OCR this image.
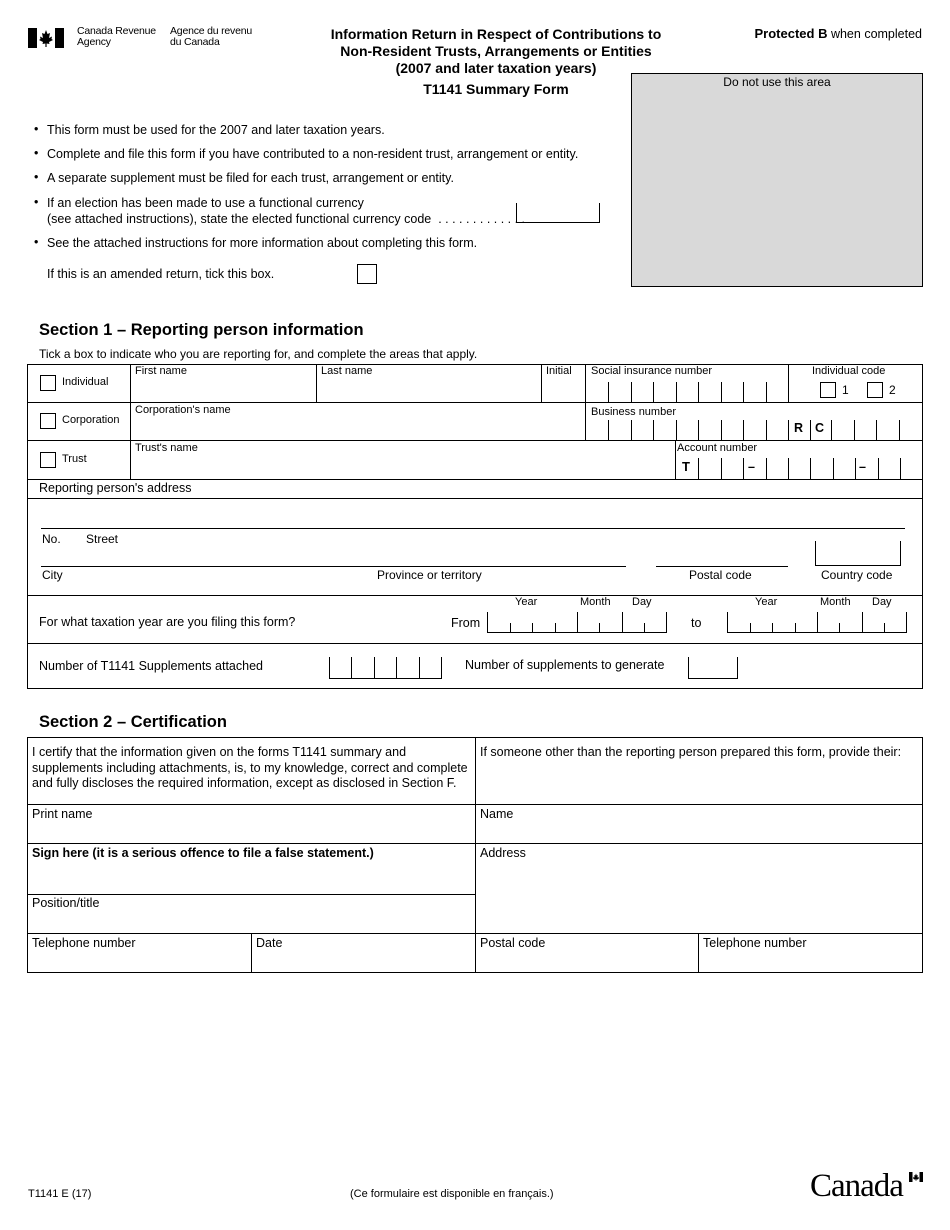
Canada Revenue
Agency
Agence du revenu
du Canada	Information Return in Respect of Contributions to
Non-Resident Trusts, Arrangements or Entities
(2007 and later taxation years)
T1141 Summary Form
Protected B when completed
Do not use this area
• This form must be used for the 2007 and later taxation years.
• Complete and file this form if you have contributed to a non-resident trust, arrangement or entity.
• A separate supplement must be filed for each trust, arrangement or entity.
• If an election has been made to use a functional currency
(see attached instructions), state the elected functional currency code . . . . . . . . . . . . .
• See the attached instructions for more information about completing this form.
If this is an amended return, tick this box.
Section 1 – Reporting person information
Tick a box to indicate who you are reporting for, and complete the areas that apply.
Individual
First name	Last name	Initial Social insurance number	Individual code
1	2
Corporation
Corporation's name	Business number
R C
Trust
Trust's name	Account number
T	–	–
Reporting person's address
No. Street
City	Province or territory	Postal code	Country code
For what taxation year are you filing this form?	From
Year	Month Day
to
Year	Month Day
Number of T1141 Supplements attached	Number of supplements to generate
Section 2 – Certification
I certify that the information given on the forms T1141 summary and
supplements including attachments, is, to my knowledge, correct and complete
and fully discloses the required information, except as disclosed in Section F.
If someone other than the reporting person prepared this form, provide their:
Print name	Name
Sign here (it is a serious offence to file a false statement.)	Address
Position/title
Telephone number	Date	Postal code	Telephone number
T1141 E (17)	(Ce formulaire est disponible en français.)	Canada
